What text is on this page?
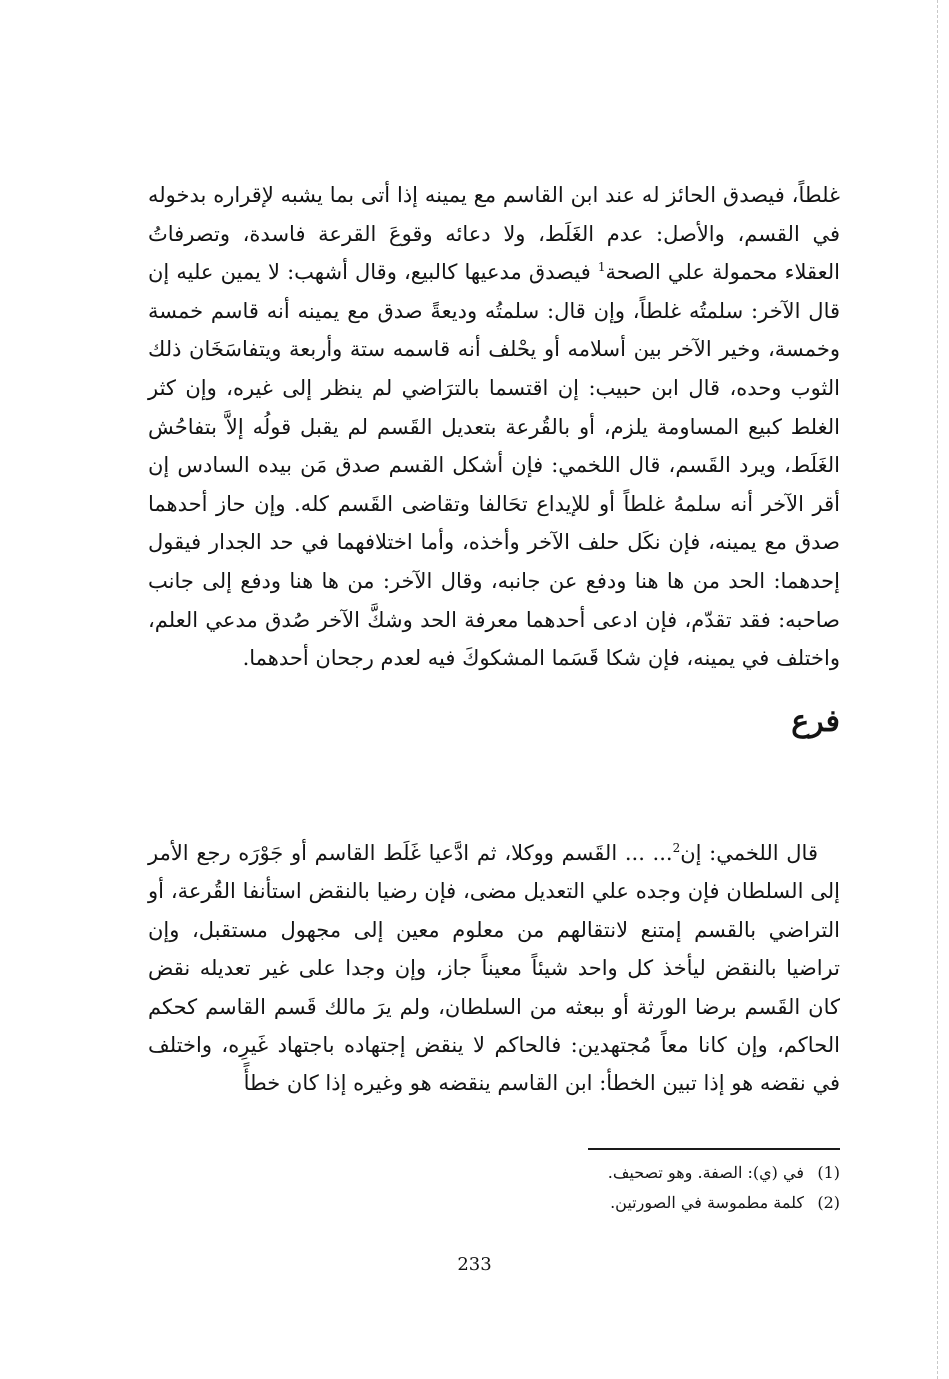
غلطاً، فيصدق الحائز له عند ابن القاسم مع يمينه إذا أتى بما يشبه لإقراره بدخوله في القسم، والأصل: عدم الغَلَط، ولا دعائه وقوعَ القرعة فاسدة، وتصرفاتُ العقلاء محمولة علي الصحة$^1$ فيصدق مدعيها كالبيع، وقال أشهب: لا يمين عليه إن قال الآخر: سلمتُه غلطاً، وإن قال: سلمتُه وديعةً صدق مع يمينه أنه قاسم خمسة وخمسة، وخير الآخر بين أسلامه أو يحْلف أنه قاسمه ستة وأربعة ويتفاسَخَان ذلك الثوب وحده، قال ابن حبيب: إن اقتسما بالترَاضي لم ينظر إلى غيره، وإن كثر الغلط كبيع المساومة يلزم، أو بالقُرعة بتعديل القَسم لم يقبل قولُه إلاَّ بتفاحُش الغَلَط، ويرد القَسم، قال اللخمي: فإن أشكل القسم صدق مَن بيده السادس إن أقر الآخر أنه سلمهُ غلطاً أو للإيداع تحَالفا وتقاضى القَسم كله. وإن حاز أحدهما صدق مع يمينه، فإن نكَل حلف الآخر وأخذه، وأما اختلافهما في حد الجدار فيقول إحدهما: الحد من ها هنا ودفع عن جانبه، وقال الآخر: من ها هنا ودفع إلى جانب صاحبه: فقد تقدّم، فإن ادعى أحدهما معرفة الحد وشكَّ الآخر صُدق مدعي العلم، واختلف في يمينه، فإن شكا قَسَما المشكوكَ فيه لعدم رجحان أحدهما.
فرع
قال اللخمي: إن$^2$... ... القَسم ووكلا، ثم ادَّعيا غَلَط القاسم أو جَوْرَه رجع الأمر إلى السلطان فإن وجده علي التعديل مضى، فإن رضيا بالنقض استأنفا القُرعة، أو التراضي بالقسم إمتنع لانتقالهم من معلوم معين إلى مجهول مستقبل، وإن تراضيا بالنقض ليأخذ كل واحد شيئاً معيناً جاز، وإن وجدا على غير تعديله نقض كان القَسم برضا الورثة أو ببعثه من السلطان، ولم يرَ مالك قَسم القاسم كحكم الحاكم، وإن كانا معاً مُجتهدين: فالحاكم لا ينقض إجتهاده باجتهاد غَيرِه، واختلف في نقضه هو إذا تبين الخطأ: ابن القاسم ينقضه هو وغيره إذا كان خطأً
(1)في (ي): الصفة. وهو تصحيف.
(2)كلمة مطموسة في الصورتين.
233
